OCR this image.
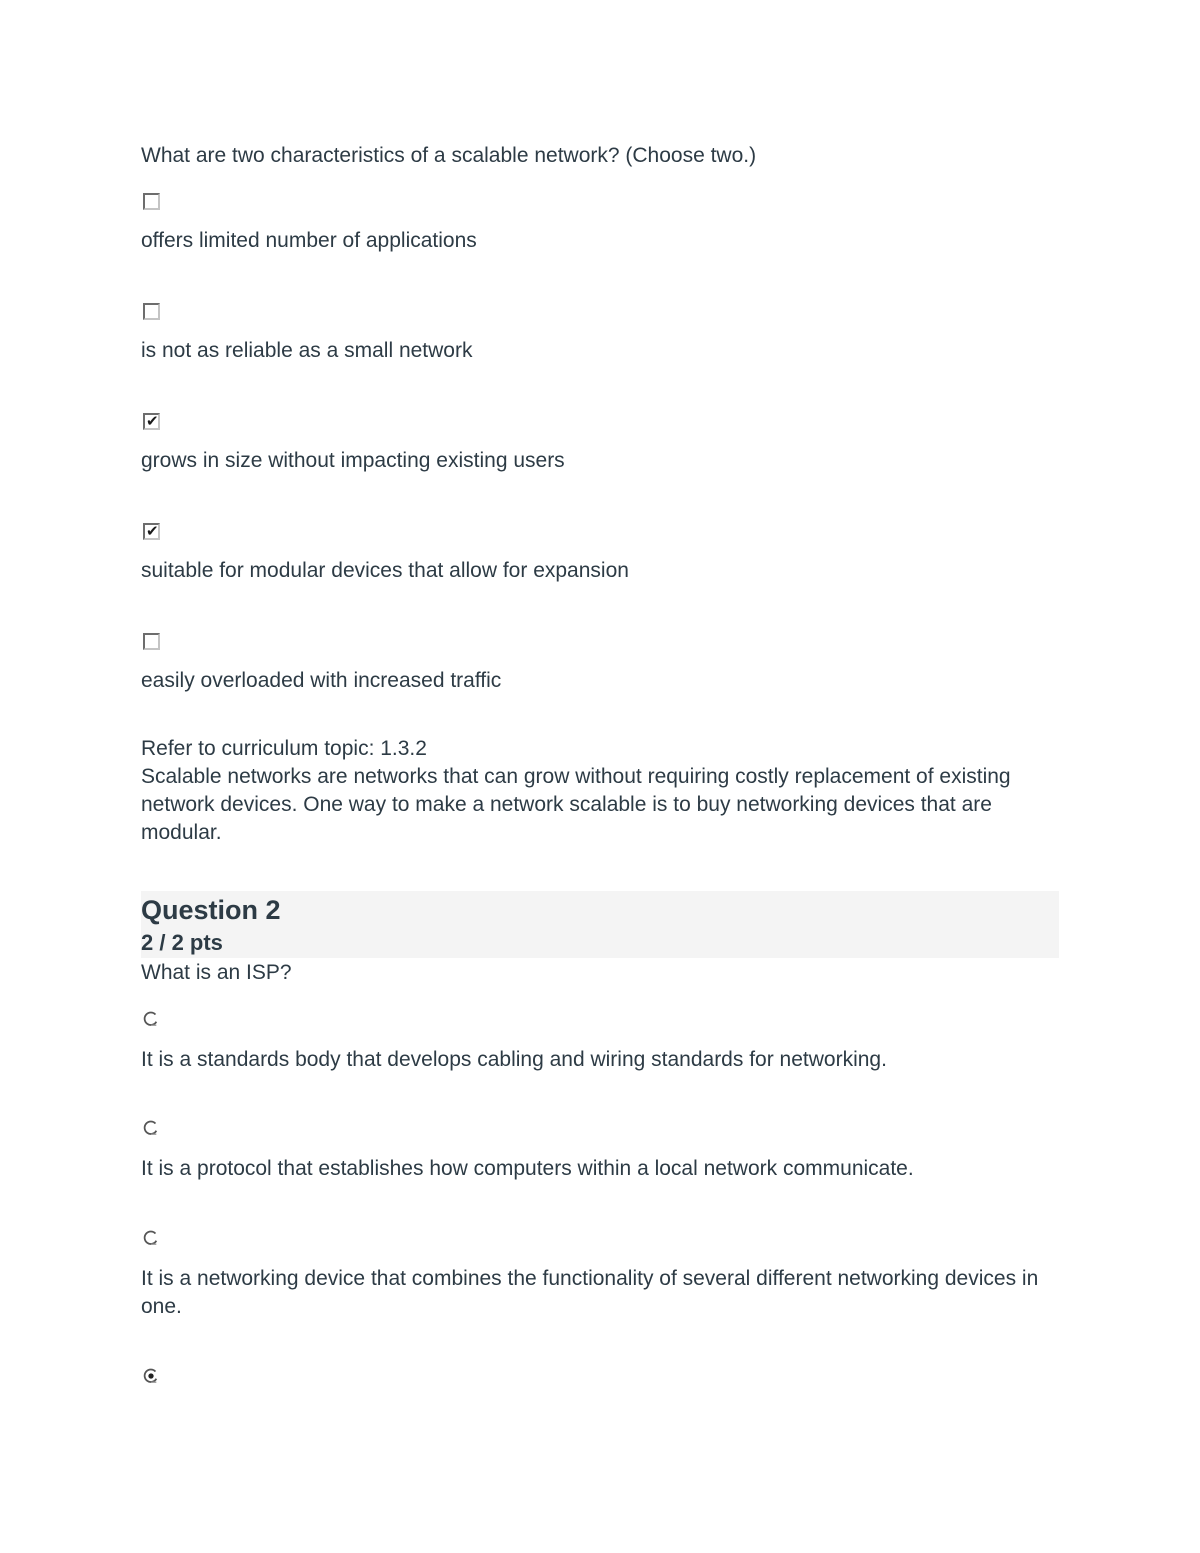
What are two characteristics of a scalable network? (Choose two.)
offers limited number of applications
is not as reliable as a small network
✔
grows in size without impacting existing users
✔
suitable for modular devices that allow for expansion
easily overloaded with increased traffic
Refer to curriculum topic: 1.3.2
Scalable networks are networks that can grow without requiring costly replacement of existing network devices. One way to make a network scalable is to buy networking devices that are modular.
Question 2
2 / 2 pts
What is an ISP?
It is a standards body that develops cabling and wiring standards for networking.
It is a protocol that establishes how computers within a local network communicate.
It is a networking device that combines the functionality of several different networking devices in one.
